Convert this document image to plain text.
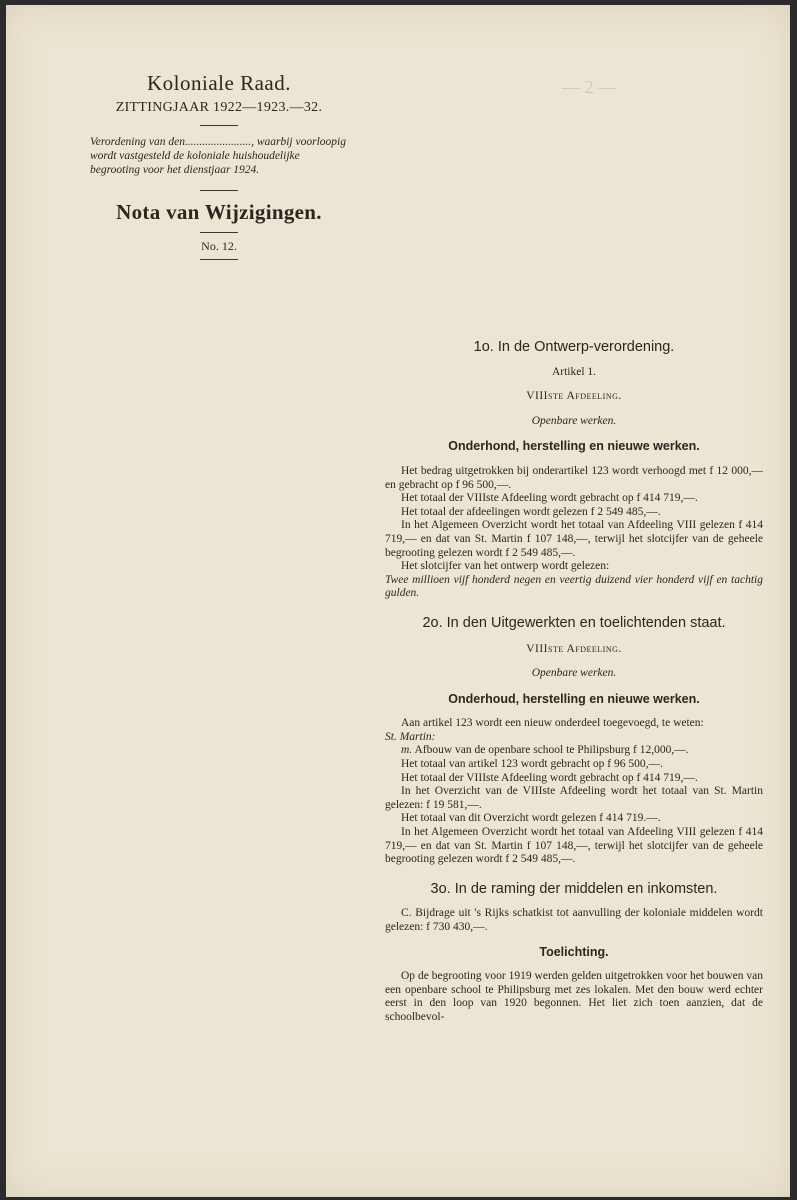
— 2 —

Koloniale Raad.

ZITTINGJAAR 1922—1923.—32.

Verordening van den......................., waarbij voorloopig wordt vastgesteld de koloniale huishoudelijke begrooting voor het dienstjaar 1924.

Nota van Wijzigingen.

No. 12.

1o. In de Ontwerp-verordening.

Artikel 1.

VIIIste Afdeeling.

Openbare werken.

Onderhond, herstelling en nieuwe werken.

Het bedrag uitgetrokken bij onderartikel 123 wordt verhoogd met f 12 000,— en gebracht op f 96 500,—.

Het totaal der VIIIste Afdeeling wordt gebracht op f 414 719,—.

Het totaal der afdeelingen wordt gelezen f 2 549 485,—.

In het Algemeen Overzicht wordt het totaal van Afdeeling VIII gelezen f 414 719,— en dat van St. Martin f 107 148,—, terwijl het slotcijfer van de geheele begrooting gelezen wordt f 2 549 485,—.

Het slotcijfer van het ontwerp wordt gelezen:

Twee millioen vijf honderd negen en veertig duizend vier honderd vijf en tachtig gulden.

2o. In den Uitgewerkten en toelichtenden staat.

VIIIste Afdeeling.

Openbare werken.

Onderhoud, herstelling en nieuwe werken.

Aan artikel 123 wordt een nieuw onderdeel toegevoegd, te weten:

St. Martin:

m. Afbouw van de openbare school te Philipsburg f 12,000,—.

Het totaal van artikel 123 wordt gebracht op f 96 500,—.

Het totaal der VIIIste Afdeeling wordt gebracht op f 414 719,—.

In het Overzicht van de VIIIste Afdeeling wordt het totaal van St. Martin gelezen: f 19 581,—.

Het totaal van dit Overzicht wordt gelezen f 414 719.—.

In het Algemeen Overzicht wordt het totaal van Afdeeling VIII gelezen f 414 719,— en dat van St. Martin f 107 148,—, terwijl het slotcijfer van de geheele begrooting gelezen wordt f 2 549 485,—.

3o. In de raming der middelen en inkomsten.

C. Bijdrage uit 's Rijks schatkist tot aanvulling der koloniale middelen wordt gelezen: f 730 430,—.

Toelichting.

Op de begrooting voor 1919 werden gelden uitgetrokken voor het bouwen van een openbare school te Philipsburg met zes lokalen. Met den bouw werd echter eerst in den loop van 1920 begonnen. Het liet zich toen aanzien, dat de schoolbevol-
